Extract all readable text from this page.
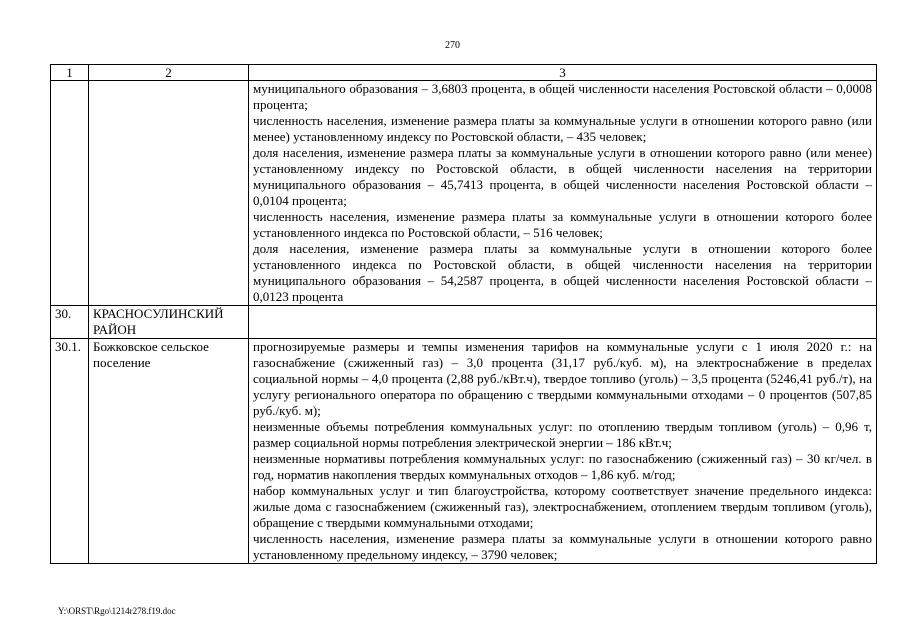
270
1	2	3

		муниципального образования – 3,6803 процента, в общей численности населения Ростовской области – 0,0008 процента;

численность населения, изменение размера платы за коммунальные услуги в отношении которого равно (или менее) установленному индексу по Ростовской области, – 435 человек;

доля населения, изменение размера платы за коммунальные услуги в отношении которого равно (или менее) установленному индексу по Ростовской области, в общей численности населения на территории муниципального образования – 45,7413 процента, в общей численности населения Ростовской области – 0,0104 процента;

численность населения, изменение размера платы за коммунальные услуги в отношении которого более установленного индекса по Ростовской области, – 516 человек;

доля населения, изменение размера платы за коммунальные услуги в отношении которого более установленного индекса по Ростовской области, в общей численности населения на территории муниципального образования – 54,2587 процента, в общей численности населения Ростовской области – 0,0123 процента

30.	КРАСНОСУЛИНСКИЙ РАЙОН	
30.1.	Божковское сельское поселение	прогнозируемые размеры и темпы изменения тарифов на коммунальные услуги с 1 июля 2020 г.: на газоснабжение (сжиженный газ) – 3,0 процента (31,17 руб./куб. м), на электроснабжение в пределах социальной нормы – 4,0 процента (2,88 руб./кВт.ч), твердое топливо (уголь) – 3,5 процента (5246,41 руб./т), на услугу регионального оператора по обращению с твердыми коммунальными отходами – 0 процентов (507,85 руб./куб. м);

неизменные объемы потребления коммунальных услуг: по отоплению твердым топливом (уголь) – 0,96 т, размер социальной нормы потребления электрической энергии – 186 кВт.ч;

неизменные нормативы потребления коммунальных услуг: по газоснабжению (сжиженный газ) – 30 кг/чел. в год, норматив накопления твердых коммунальных отходов – 1,86 куб. м/год;

набор коммунальных услуг и тип благоустройства, которому соответствует значение предельного индекса: жилые дома с газоснабжением (сжиженный газ), электроснабжением, отоплением твердым топливом (уголь), обращение с твердыми коммунальными отходами;

численность населения, изменение размера платы за коммунальные услуги в отношении которого равно установленному предельному индексу, – 3790 человек;

Y:\ORST\Rgo\1214r278.f19.doc
